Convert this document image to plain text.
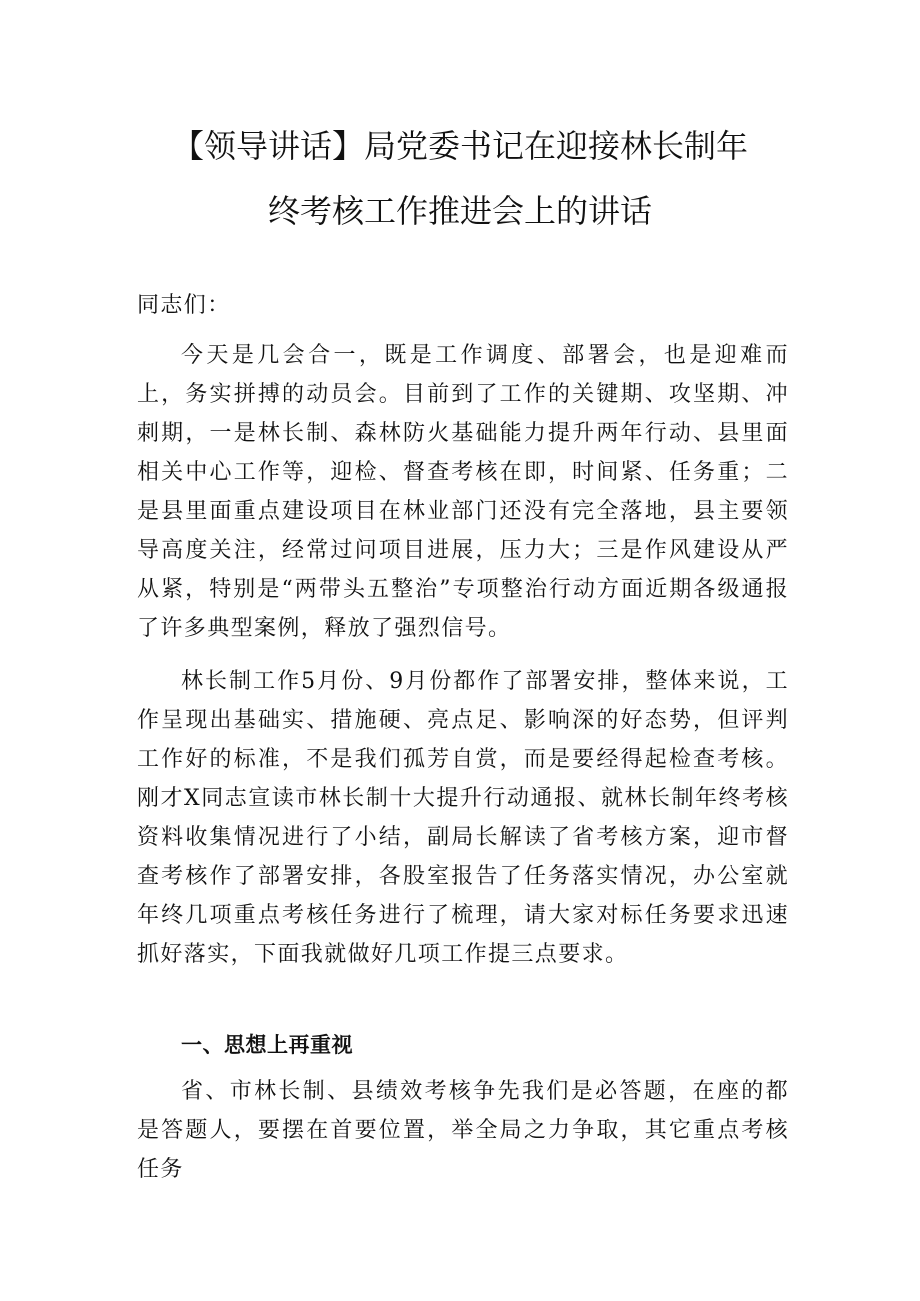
【领导讲话】局党委书记在迎接林长制年
终考核工作推进会上的讲话
同志们：

今天是几会合一，既是工作调度、部署会，也是迎难而上，务实拼搏的动员会。目前到了工作的关键期、攻坚期、冲刺期，一是林长制、森林防火基础能力提升两年行动、县里面相关中心工作等，迎检、督查考核在即，时间紧、任务重；二是县里面重点建设项目在林业部门还没有完全落地，县主要领导高度关注，经常过问项目进展，压力大；三是作风建设从严从紧，特别是“两带头五整治”专项整治行动方面近期各级通报了许多典型案例，释放了强烈信号。

林长制工作5月份、9月份都作了部署安排，整体来说，工作呈现出基础实、措施硬、亮点足、影响深的好态势，但评判工作好的标准，不是我们孤芳自赏，而是要经得起检查考核。刚才X同志宣读市林长制十大提升行动通报、就林长制年终考核资料收集情况进行了小结，副局长解读了省考核方案，迎市督查考核作了部署安排，各股室报告了任务落实情况，办公室就年终几项重点考核任务进行了梳理，请大家对标任务要求迅速抓好落实，下面我就做好几项工作提三点要求。

一、思想上再重视

省、市林长制、县绩效考核争先我们是必答题，在座的都是答题人，要摆在首要位置，举全局之力争取，其它重点考核任务
